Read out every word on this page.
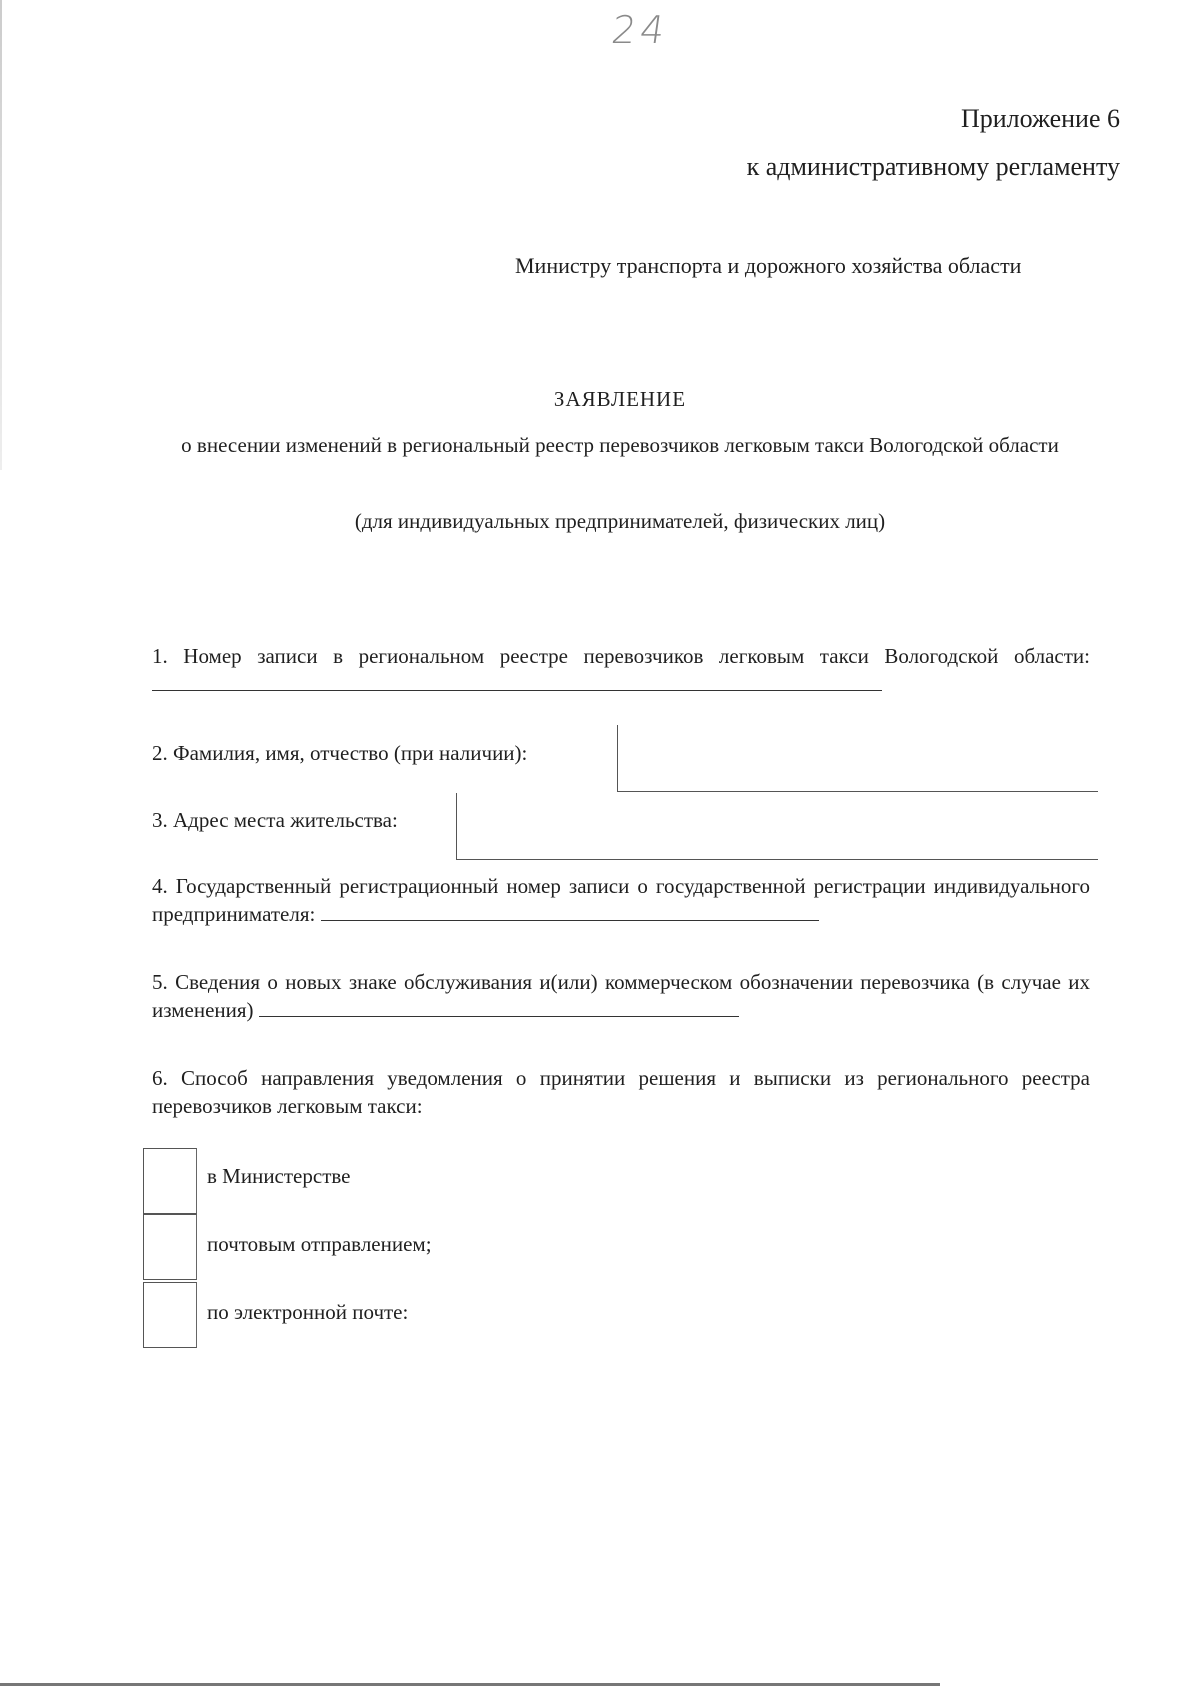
24
Приложение 6
к административному регламенту
Министру транспорта и дорожного хозяйства области
ЗАЯВЛЕНИЕ
о внесении изменений в региональный реестр перевозчиков легковым такси Вологодской области
(для индивидуальных предпринимателей, физических лиц)
1. Номер записи в региональном реестре перевозчиков легковым такси Вологодской области:
2. Фамилия, имя, отчество (при наличии):
3. Адрес места жительства:
4. Государственный регистрационный номер записи о государственной регистрации индивидуального предпринимателя:
5. Сведения о новых знаке обслуживания и(или) коммерческом обозначении перевозчика (в случае их изменения)
6. Способ направления уведомления о принятии решения и выписки из регионального реестра перевозчиков легковым такси:
в Министерстве
почтовым отправлением;
по электронной почте:
